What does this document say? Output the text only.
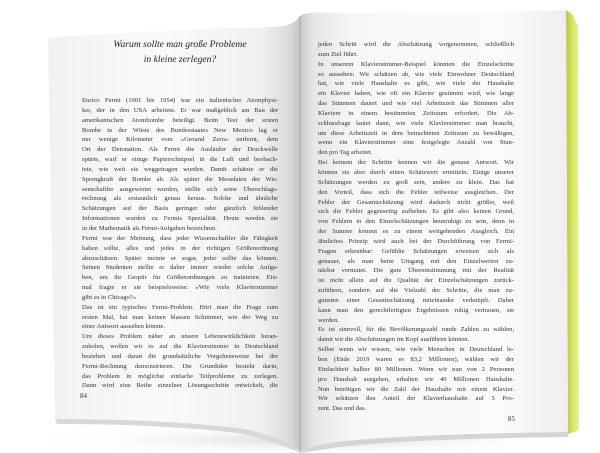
Warum sollte man große Probleme
in kleine zerlegen?
Enrico Fermi (1901 bis 1954) war ein italienischer Atomphysi-
ker, der in den USA arbeitete. Er war maßgeblich am Bau der
amerikanischen Atombombe beteiligt. Beim Test der ersten
Bombe in der Wüste des Bundesstaates New Mexico lag er
nur wenige Kilometer vom »Ground Zero« entfernt, dem
Ort der Detonation. Als Fermi die Ausläufer der Druckwelle
spürte, warf er einige Papierschnipsel in die Luft und beobach-
tete, wie weit sie weggetragen wurden. Damit schätzte er die
Sprengkraft der Bombe ab. Als später die Messdaten der Wis-
senschaftler ausgewertet wurden, stellte sich seine Überschlags-
rechnung als erstaunlich genau heraus. Solche und ähnliche
Schätzungen auf der Basis geringer oder gänzlich fehlender
Informationen wurden zu Fermis Spezialität. Heute werden sie
in der Mathematik als Fermi-Aufgaben bezeichnet.
Fermi war der Meinung, dass jeder Wissenschaftler die Fähigkeit
haben sollte, alles und jedes in der richtigen Größenordnung
abzuschätzen. Später meinte er sogar, jeder sollte das können.
Seinen Studenten stellte er daher immer wieder solche Aufga-
ben, um ihr Gespür für Größenordnungen zu trainieren. Ein-
mal fragte er sie beispielsweise: »Wie viele Klavierstimmer
gibt es in Chicago?«
Das ist ein typisches Fermi-Problem. Hört man die Frage zum
ersten Mal, hat man keinen blassen Schimmer, wie der Weg zu
einer Antwort aussehen könnte.
Um dieses Problem näher an unsere Lebenswirklichkeit heran-
zuholen, wollen wir es auf die Klavierstimmer in Deutschland
beziehen und daran die grundsätzliche Vorgehensweise bei der
Fermi-Rechnung demonstrieren. Die Grundidee besteht darin,
das Problem in möglichst einfache Teilprobleme zu zerlegen.
Dann wird eine Reihe einzelner Lösungsschritte entwickelt, die
84
jeden Schritt wird die Abschätzung vorgenommen, schließlich
zum Ziel führt.
In unserem Klavierstimmer-Beispiel könnten die Einzelschritte
so aussehen: Wir schätzen ab, wie viele Einwohner Deutschland
hat, wie viele Haushalte es gibt, wie viele der Haushalte
ein Klavier haben, wie oft ein Klavier gestimmt wird, wie lange
das Stimmen dauert und wie viel Arbeitszeit das Stimmen aller
Klaviere in einem bestimmten Zeitraum erfordert. Die Ab-
schlussfrage lautet dann, wie viele Klavierstimmer man braucht,
um diese Arbeitszeit in dem betrachteten Zeitraum zu bewältigen,
wenn ein Klavierstimmer eine festgelegte Anzahl von Stun-
den pro Tag arbeitet.
Bei keinem der Schritte kennen wir die genaue Antwort. Wir
können sie aber durch einen Schätzwert ermitteln. Einige unserer
Schätzungen werden zu groß sein, andere zu klein. Das hat
den Vorteil, dass sich die Fehler teilweise ausgleichen. Der
Fehler der Gesamtschätzung wird dadurch nicht größer, weil
sich die Fehler gegenseitig aufheben. Es gibt also keinen Grund,
von Fehlern in den Einzelschätzungen beunruhigt zu sein, denn in
der Summe kommt es zu einem weitgehenden Ausgleich. Ein
ähnliches Prinzip wird auch bei der Durchführung von Fermi-
Fragen erkennbar: Gefühlte Schätzungen erweisen sich als
genauer, als man beim Umgang mit den Einzelwerten zu-
nächst vermutet. Die gute Übereinstimmung mit der Realität
ist nicht allein auf die Qualität der Einzelschätzungen zurück-
zuführen, sondern auf die Vielzahl der Schritte, die man zu-
gunsten einer Gesamtschätzung miteinander verknüpft. Daher
kann man den gerechtfertigten Ergebnissen ruhig vertrauen, sie
werden.
Es ist sinnvoll, für die Bevölkerungszahl runde Zahlen zu wählen,
damit wir die Abschätzungen im Kopf ausführen können.
Selbst wenn wir wissen, wie viele Menschen in Deutschland le-
ben (Ende 2019 waren es 83,2 Millionen), wählen wir der
Einfachheit halber 80 Millionen. Wenn wir nun von 2 Personen
pro Haushalt ausgehen, erhalten wir 40 Millionen Haushalte.
Nun benötigen wir die Zahl der Haushalte mit einem Klavier.
Wir schätzen den Anteil der Klavierhaushalte auf 5 Pro-
zent. Das und das.
85
